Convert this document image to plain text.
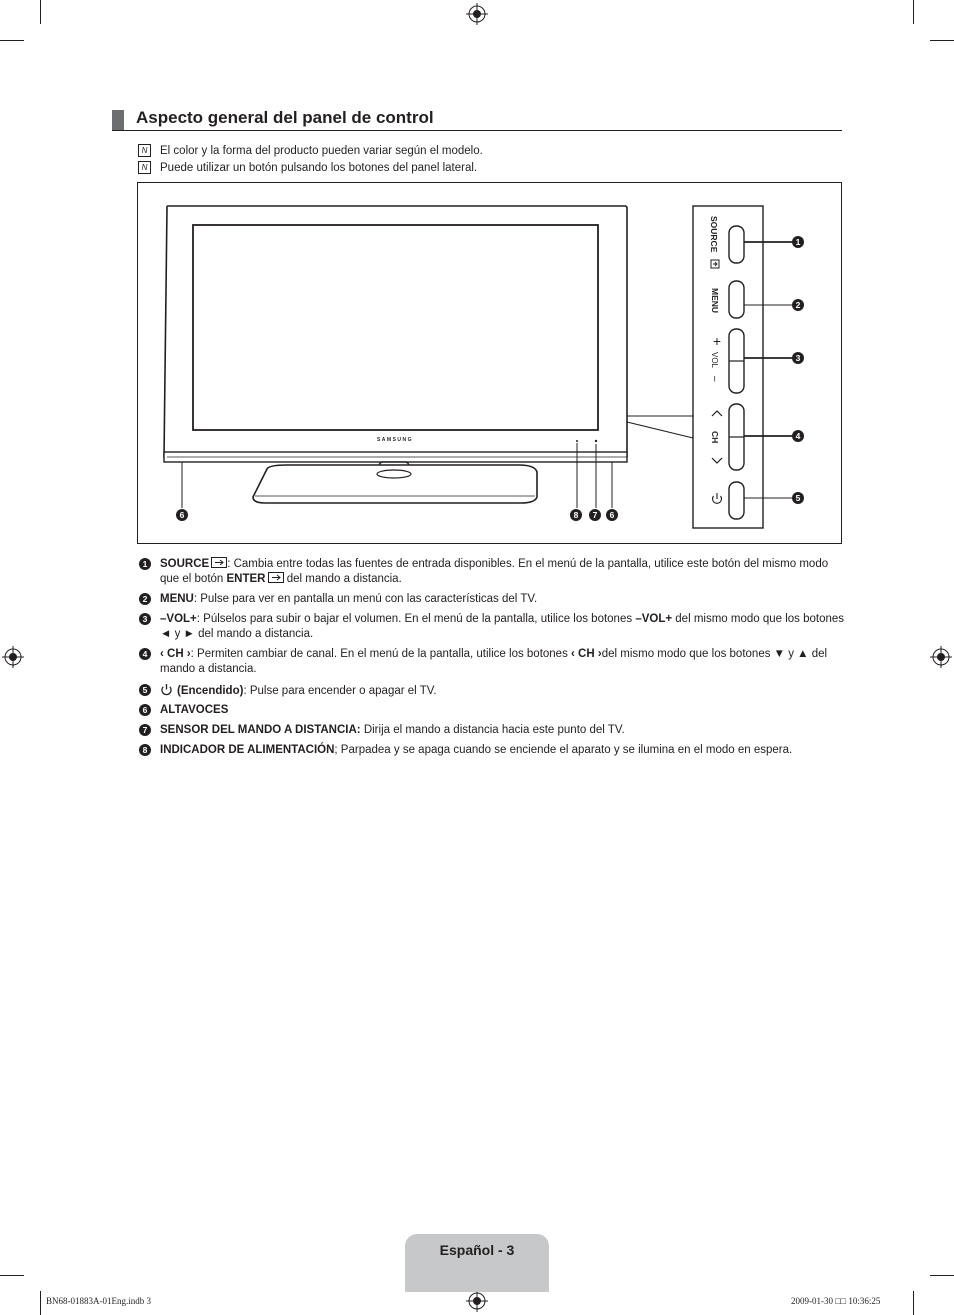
Aspecto general del panel de control
N	El color y la forma del producto pueden variar según el modelo.
N	Puede utilizar un botón pulsando los botones del panel lateral.
SAMSUNG
SOURCE
MENU
+
VOL
–
CH
1
2
3
4
5
6	8	7	6
1	SOURCE : Cambia entre todas las fuentes de entrada disponibles. En el menú de la pantalla, utilice este botón del mismo modo que el botón ENTER del mando a distancia.
2	MENU: Pulse para ver en pantalla un menú con las características del TV.
3	–VOL+: Púlselos para subir o bajar el volumen. En el menú de la pantalla, utilice los botones –VOL+ del mismo modo que los botones ◄ y ► del mando a distancia.
4	‹ CH ›: Permiten cambiar de canal. En el menú de la pantalla, utilice los botones ‹ CH ›del mismo modo que los botones ▼ y ▲ del mando a distancia.
5	(Encendido): Pulse para encender o apagar el TV.
6	ALTAVOCES
7	SENSOR DEL MANDO A DISTANCIA: Dirija el mando a distancia hacia este punto del TV.
8	INDICADOR DE ALIMENTACIÓN; Parpadea y se apaga cuando se enciende el aparato y se ilumina en el modo en espera.
Español - 3
BN68-01883A-01Eng.indb 3	2009-01-30 □□ 10:36:25
